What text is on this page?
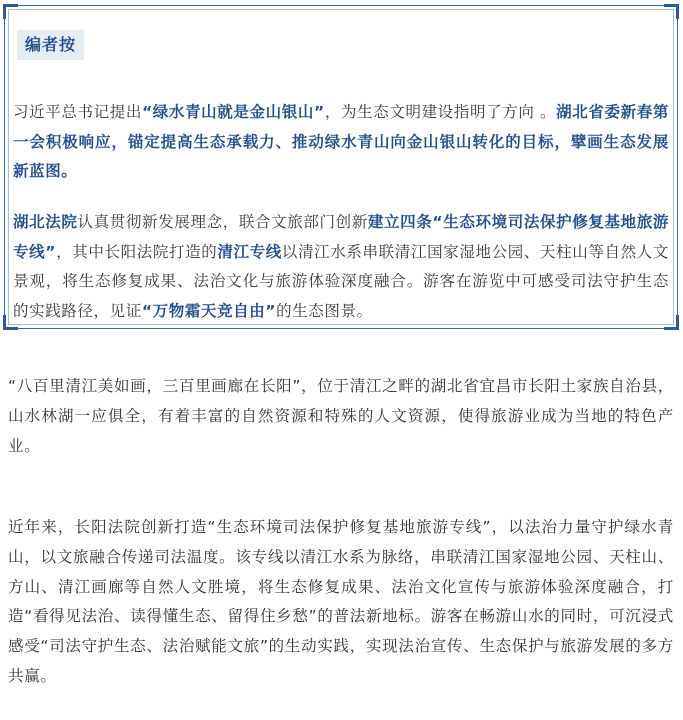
编者按

习近平总书记提出“绿水青山就是金山银山”，为生态文明建设指明了方向 。湖北省委新春第一会积极响应，锚定提高生态承载力、推动绿水青山向金山银山转化的目标，擘画生态发展新蓝图。

湖北法院认真贯彻新发展理念，联合文旅部门创新建立四条“生态环境司法保护修复基地旅游专线”，其中长阳法院打造的清江专线以清江水系串联清江国家湿地公园、天柱山等自然人文景观，将生态修复成果、法治文化与旅游体验深度融合。游客在游览中可感受司法守护生态的实践路径，见证“万物霜天竞自由”的生态图景。

“八百里清江美如画，三百里画廊在长阳”，位于清江之畔的湖北省宜昌市长阳土家族自治县，山水林湖一应俱全，有着丰富的自然资源和特殊的人文资源，使得旅游业成为当地的特色产业。

近年来，长阳法院创新打造“生态环境司法保护修复基地旅游专线”，以法治力量守护绿水青山，以文旅融合传递司法温度。该专线以清江水系为脉络，串联清江国家湿地公园、天柱山、方山、清江画廊等自然人文胜境，将生态修复成果、法治文化宣传与旅游体验深度融合，打造“看得见法治、读得懂生态、留得住乡愁”的普法新地标。游客在畅游山水的同时，可沉浸式感受“司法守护生态、法治赋能文旅”的生动实践，实现法治宣传、生态保护与旅游发展的多方共赢。
